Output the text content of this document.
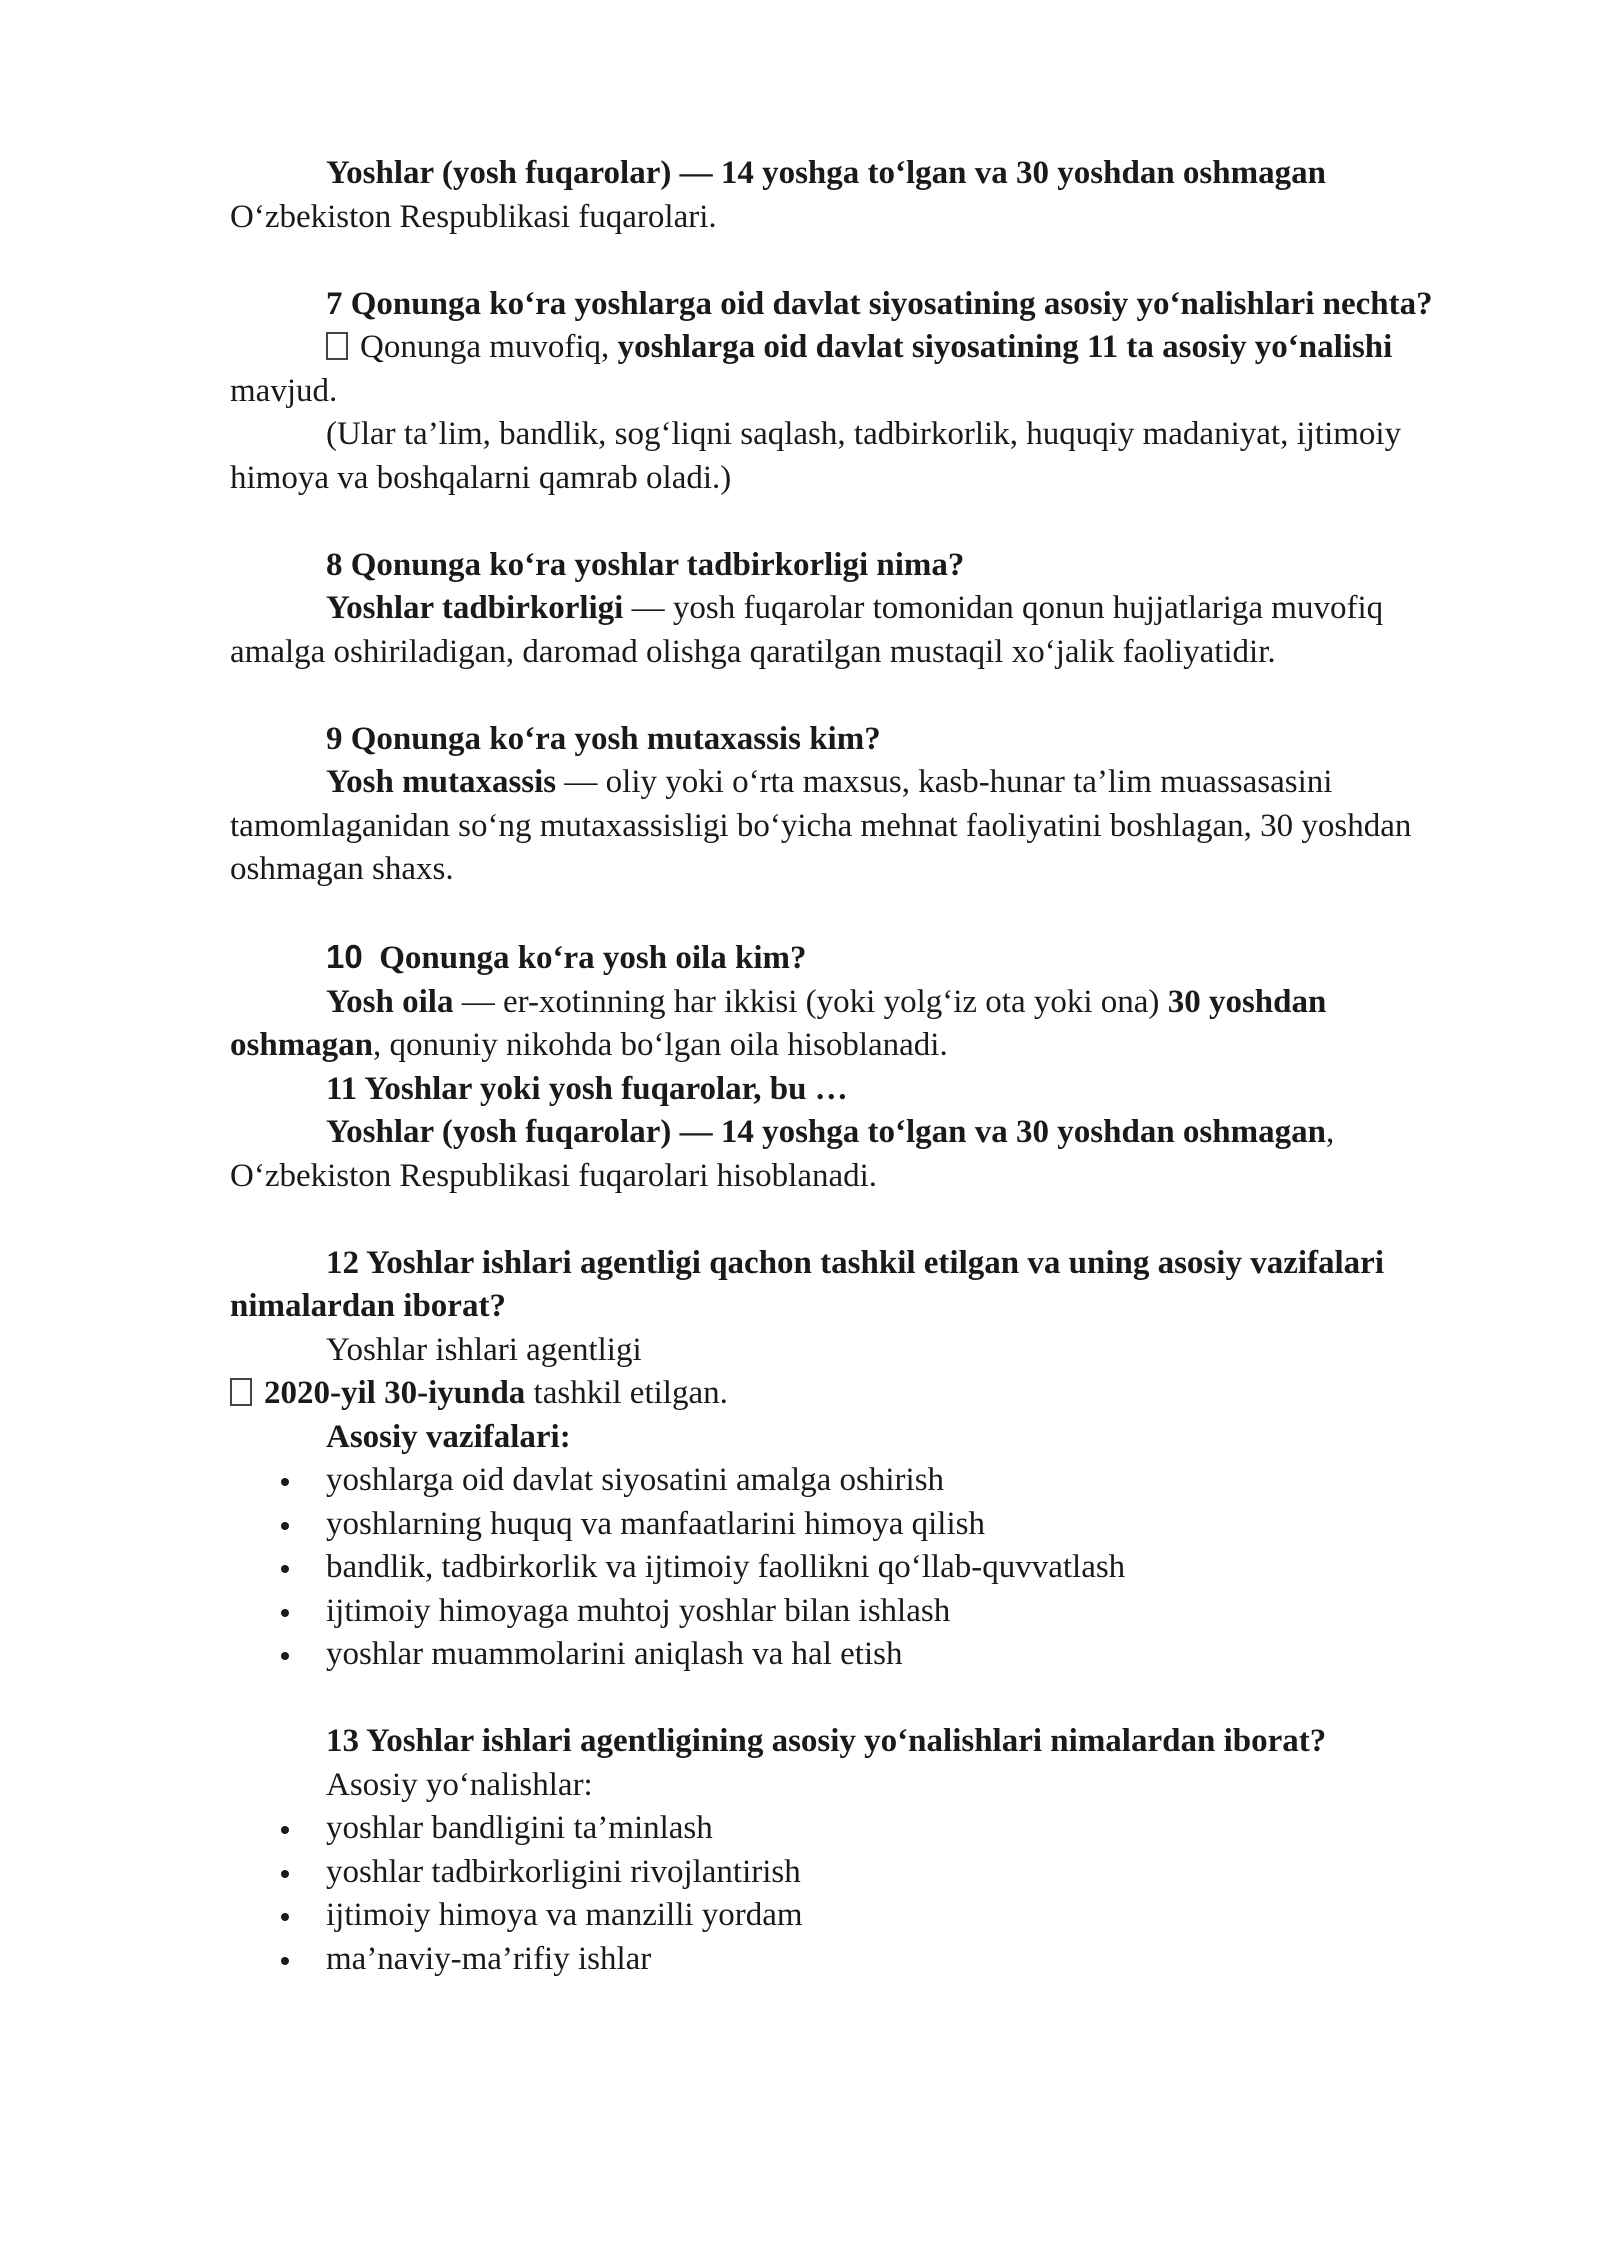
Yoshlar (yosh fuqarolar) — 14 yoshga to‘lgan va 30 yoshdan oshmagan O‘zbekiston Respublikasi fuqarolari.

7 Qonunga ko‘ra yoshlarga oid davlat siyosatining asosiy yo‘nalishlari nechta?

Qonunga muvofiq, yoshlarga oid davlat siyosatining 11 ta asosiy yo‘nalishi mavjud.

(Ular ta’lim, bandlik, sog‘liqni saqlash, tadbirkorlik, huquqiy madaniyat, ijtimoiy himoya va boshqalarni qamrab oladi.)

8 Qonunga ko‘ra yoshlar tadbirkorligi nima?

Yoshlar tadbirkorligi — yosh fuqarolar tomonidan qonun hujjatlariga muvofiq amalga oshiriladigan, daromad olishga qaratilgan mustaqil xo‘jalik faoliyatidir.

9 Qonunga ko‘ra yosh mutaxassis kim?

Yosh mutaxassis — oliy yoki o‘rta maxsus, kasb-hunar ta’lim muassasasini tamomlaganidan so‘ng mutaxassisligi bo‘yicha mehnat faoliyatini boshlagan, 30 yoshdan oshmagan shaxs.

10 Qonunga ko‘ra yosh oila kim?

Yosh oila — er-xotinning har ikkisi (yoki yolg‘iz ota yoki ona) 30 yoshdan oshmagan, qonuniy nikohda bo‘lgan oila hisoblanadi.

11 Yoshlar yoki yosh fuqarolar, bu …

Yoshlar (yosh fuqarolar) — 14 yoshga to‘lgan va 30 yoshdan oshmagan, O‘zbekiston Respublikasi fuqarolari hisoblanadi.

12 Yoshlar ishlari agentligi qachon tashkil etilgan va uning asosiy vazifalari nimalardan iborat?

Yoshlar ishlari agentligi

2020-yil 30-iyunda tashkil etilgan.

Asosiy vazifalari:

yoshlarga oid davlat siyosatini amalga oshirish
yoshlarning huquq va manfaatlarini himoya qilish
bandlik, tadbirkorlik va ijtimoiy faollikni qo‘llab-quvvatlash
ijtimoiy himoyaga muhtoj yoshlar bilan ishlash
yoshlar muammolarini aniqlash va hal etish

13 Yoshlar ishlari agentligining asosiy yo‘nalishlari nimalardan iborat?

Asosiy yo‘nalishlar:

yoshlar bandligini ta’minlash
yoshlar tadbirkorligini rivojlantirish
ijtimoiy himoya va manzilli yordam
ma’naviy-ma’rifiy ishlar
